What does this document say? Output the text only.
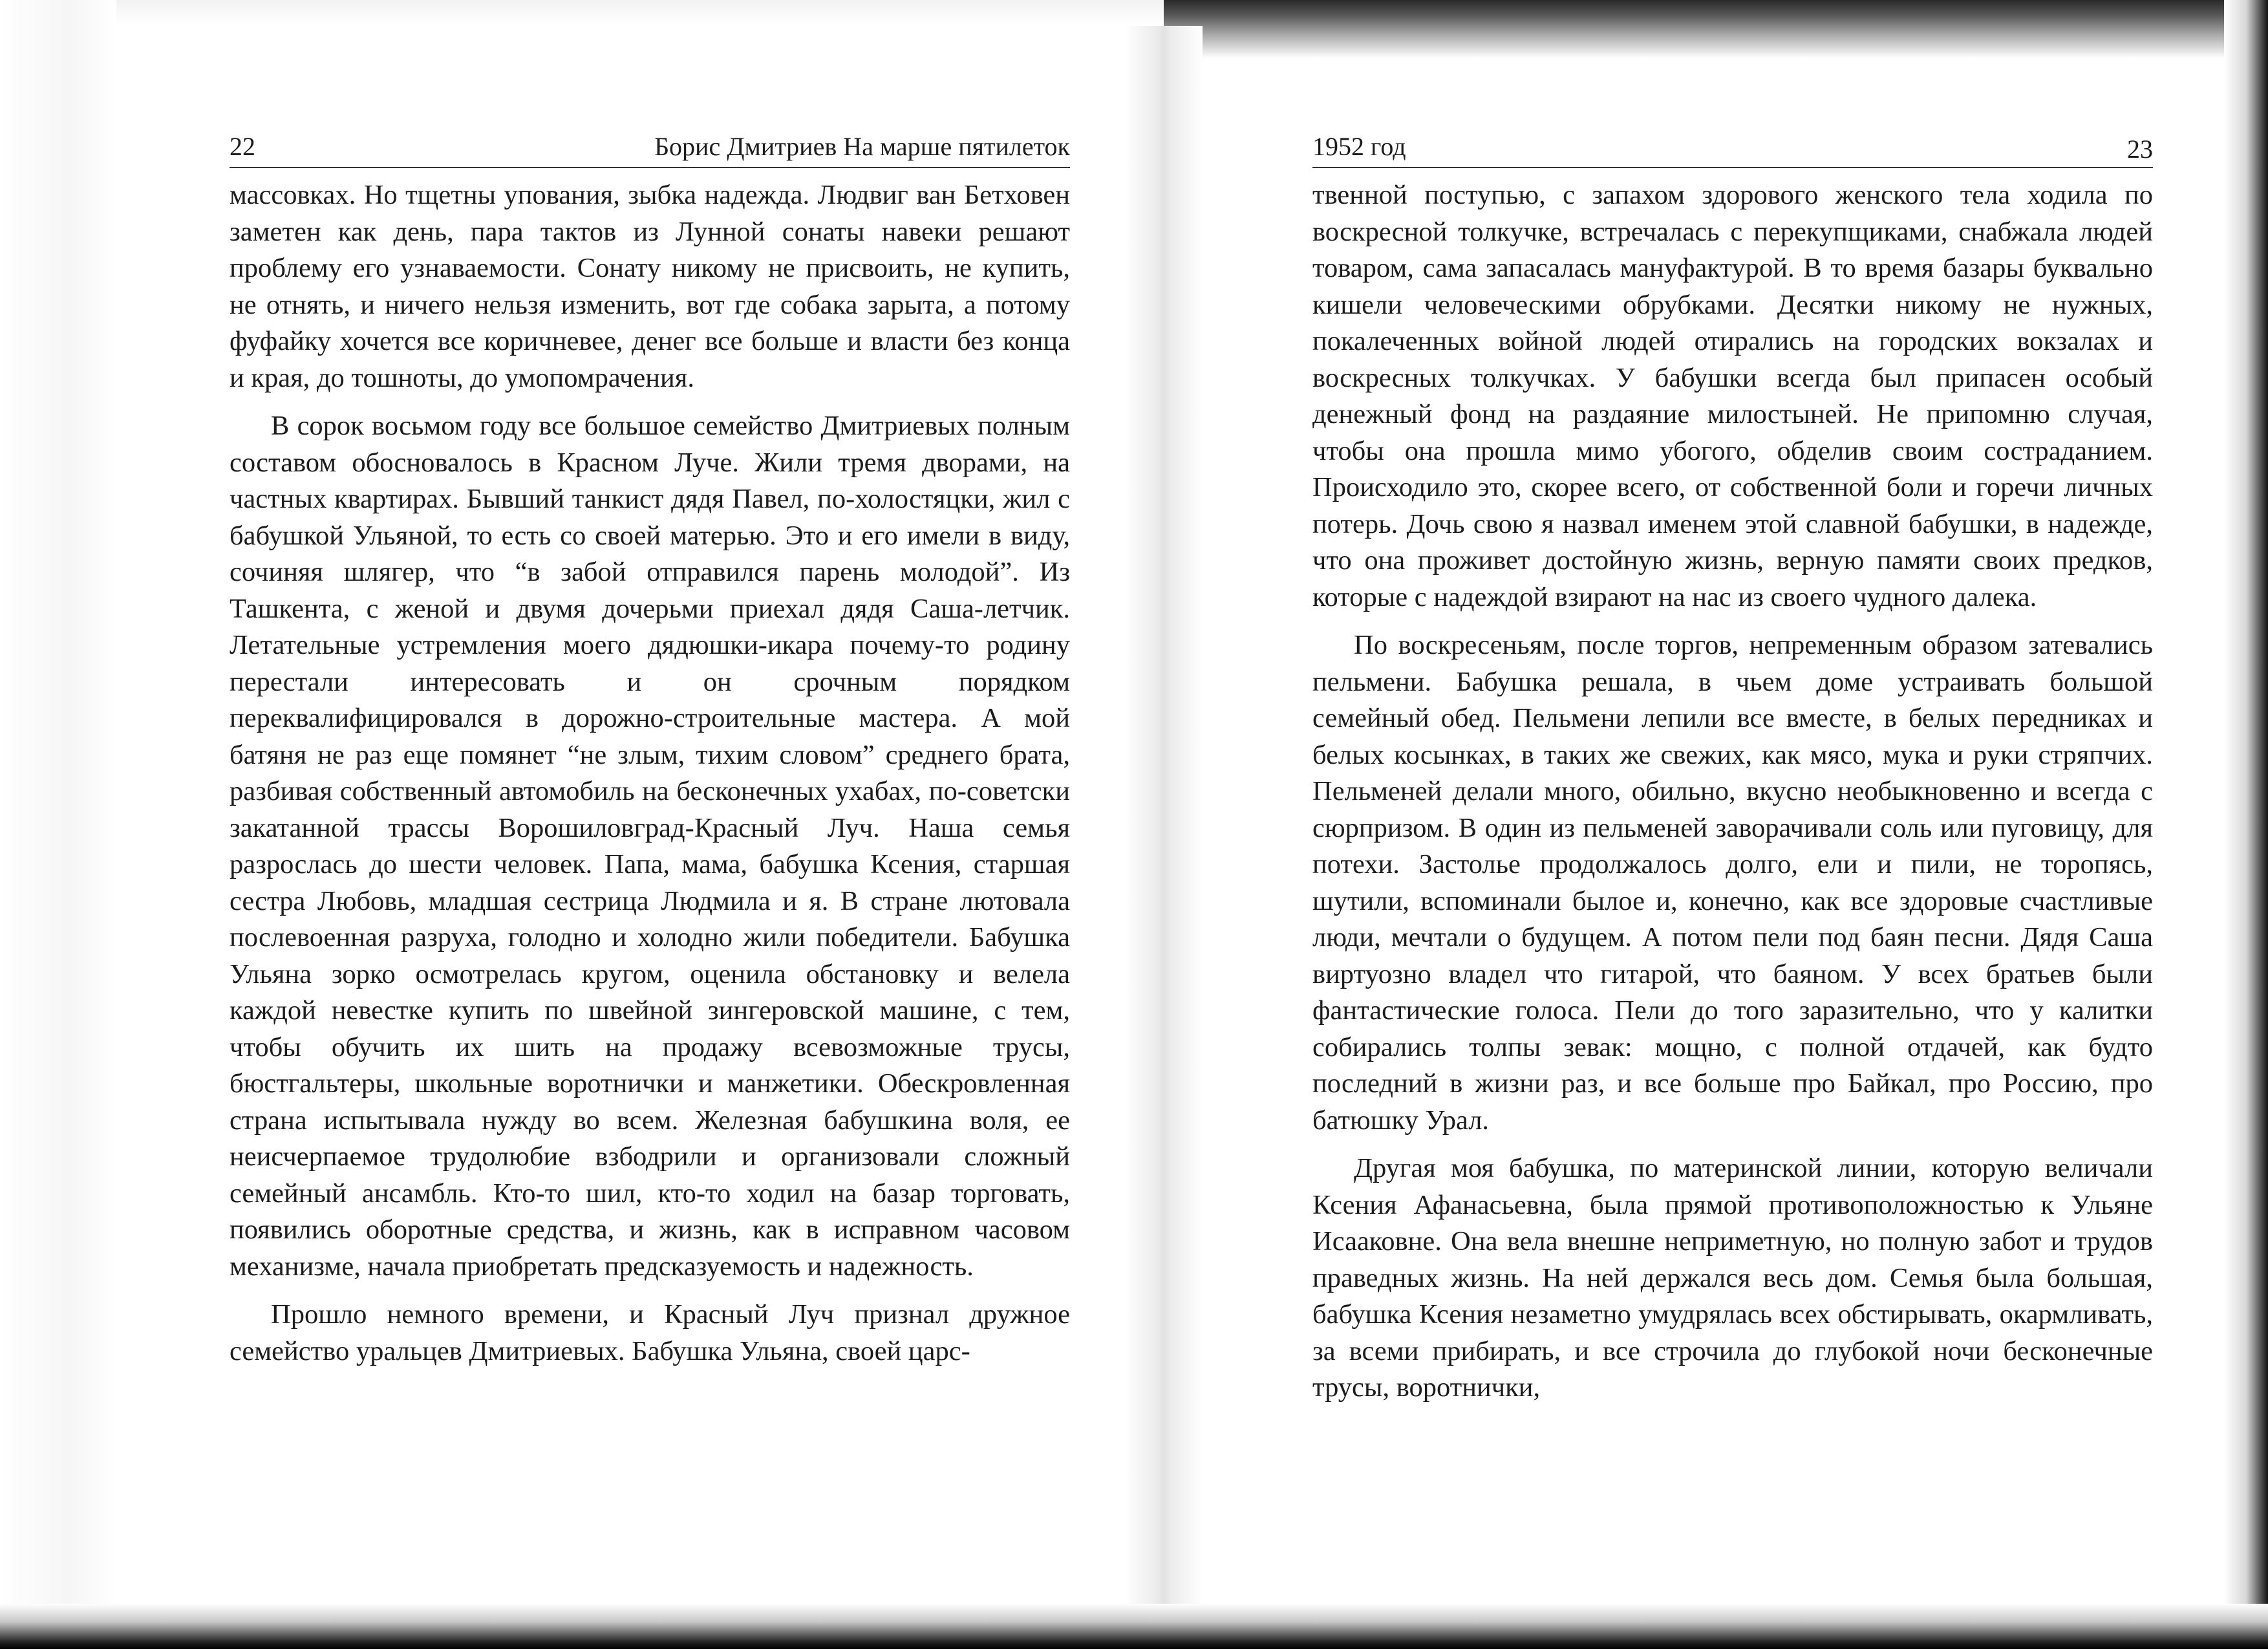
22	Борис Дмитриев На марше пятилеток

массовках. Но тщетны упования, зыбка надежда. Людвиг ван Бетховен заметен как день, пара тактов из Лунной сонаты навеки решают проблему его узнаваемости. Сонату никому не присвоить, не купить, не отнять, и ничего нельзя изменить, вот где собака зарыта, а потому фуфайку хочется все коричневее, денег все больше и власти без конца и края, до тошноты, до умопомрачения.

В сорок восьмом году все большое семейство Дмитриевых полным составом обосновалось в Красном Луче. Жили тремя дворами, на частных квартирах. Бывший танкист дядя Павел, по-холостяцки, жил с бабушкой Ульяной, то есть со своей матерью. Это и его имели в виду, сочиняя шлягер, что “в забой отправился парень молодой”. Из Ташкента, с женой и двумя дочерьми приехал дядя Саша-летчик. Летательные устремления моего дядюшки-икара почему-то родину перестали интересовать и он срочным порядком переквалифицировался в дорожно-строительные мастера. А мой батяня не раз еще помянет “не злым, тихим словом” среднего брата, разбивая собственный автомобиль на бесконечных ухабах, по-советски закатанной трассы Ворошиловград-Красный Луч. Наша семья разрослась до шести человек. Папа, мама, бабушка Ксения, старшая сестра Любовь, младшая сестрица Людмила и я. В стране лютовала послевоенная разруха, голодно и холодно жили победители. Бабушка Ульяна зорко осмотрелась кругом, оценила обстановку и велела каждой невестке купить по швейной зингеровской машине, с тем, чтобы обучить их шить на продажу всевозможные трусы, бюстгальтеры, школьные воротнички и манжетики. Обескровленная страна испытывала нужду во всем. Железная бабушкина воля, ее неисчерпаемое трудолюбие взбодрили и организовали сложный семейный ансамбль. Кто-то шил, кто-то ходил на базар торговать, появились оборотные средства, и жизнь, как в исправном часовом механизме, начала приобретать предсказуемость и надежность.

Прошло немного времени, и Красный Луч признал дружное семейство уральцев Дмитриевых. Бабушка Ульяна, своей царс-

1952 год	23

твенной поступью, с запахом здорового женского тела ходила по воскресной толкучке, встречалась с перекупщиками, снабжала людей товаром, сама запасалась мануфактурой. В то время базары буквально кишели человеческими обрубками. Десятки никому не нужных, покалеченных войной людей отирались на городских вокзалах и воскресных толкучках. У бабушки всегда был припасен особый денежный фонд на раздаяние милостыней. Не припомню случая, чтобы она прошла мимо убогого, обделив своим состраданием. Происходило это, скорее всего, от собственной боли и горечи личных потерь. Дочь свою я назвал именем этой славной бабушки, в надежде, что она проживет достойную жизнь, верную памяти своих предков, которые с надеждой взирают на нас из своего чудного далека.

По воскресеньям, после торгов, непременным образом затевались пельмени. Бабушка решала, в чьем доме устраивать большой семейный обед. Пельмени лепили все вместе, в белых передниках и белых косынках, в таких же свежих, как мясо, мука и руки стряпчих. Пельменей делали много, обильно, вкусно необыкновенно и всегда с сюрпризом. В один из пельменей заворачивали соль или пуговицу, для потехи. Застолье продолжалось долго, ели и пили, не торопясь, шутили, вспоминали былое и, конечно, как все здоровые счастливые люди, мечтали о будущем. А потом пели под баян песни. Дядя Саша виртуозно владел что гитарой, что баяном. У всех братьев были фантастические голоса. Пели до того заразительно, что у калитки собирались толпы зевак: мощно, с полной отдачей, как будто последний в жизни раз, и все больше про Байкал, про Россию, про батюшку Урал.

Другая моя бабушка, по материнской линии, которую величали Ксения Афанасьевна, была прямой противоположностью к Ульяне Исааковне. Она вела внешне неприметную, но полную забот и трудов праведных жизнь. На ней держался весь дом. Семья была большая, бабушка Ксения незаметно умудрялась всех обстирывать, окармливать, за всеми прибирать, и все строчила до глубокой ночи бесконечные трусы, воротнички,
